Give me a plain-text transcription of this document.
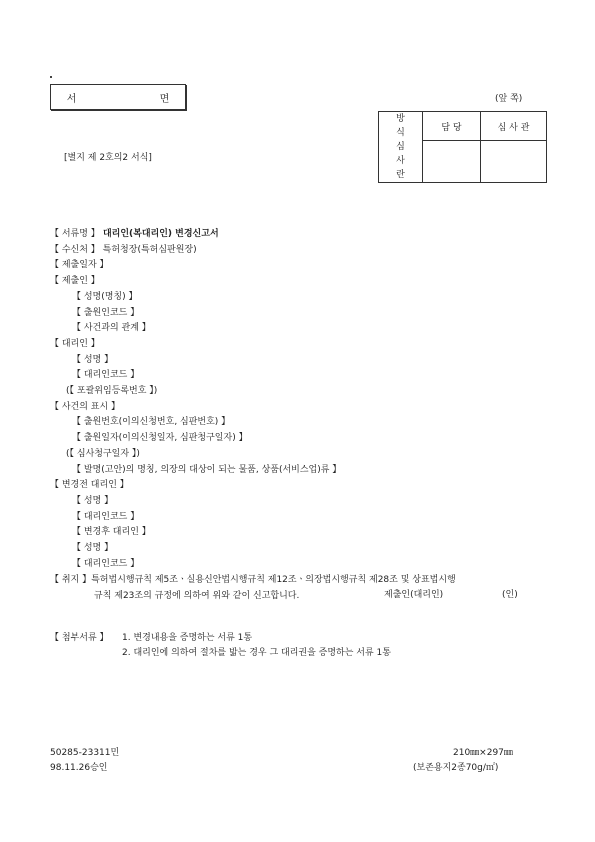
서 면	(앞 쪽)
[별지 제 2호의2 서식]
방
식
심
사
란	담 당	심 사 관

【 서류명 】 대리인(복대리인) 변경신고서
【 수신처 】 특허청장(특허심판원장)
【 제출일자 】
【 제출인 】
【 성명(명칭) 】
【 출원인코드 】
【 사건과의 관계 】
【 대리인 】
【 성명 】
【 대리인코드 】
(【 포괄위임등록번호 】)
【 사건의 표시 】
【 출원번호(이의신청번호, 심판번호) 】
【 출원일자(이의신청일자, 심판청구일자) 】
(【 심사청구일자 】)
【 발명(고안)의 명칭, 의장의 대상이 되는 물품, 상품(서비스업)류 】
【 변경전 대리인 】
【 성명 】
【 대리인코드 】
【 변경후 대리인 】
【 성명 】
【 대리인코드 】
【 취지 】특허법시행규칙 제5조ㆍ실용신안법시행규칙 제12조ㆍ의장법시행규칙 제28조 및 상표법시행
규칙 제23조의 규정에 의하여 위와 같이 신고합니다.	제출인(대리인)	(인)
【 첨부서류 】 1. 변경내용을 증명하는 서류 1통
2. 대리인에 의하여 절차를 밟는 경우 그 대리권을 증명하는 서류 1통
50285-23311민
98.11.26승인
210㎜×297㎜
(보존용지2종70g/㎡)
